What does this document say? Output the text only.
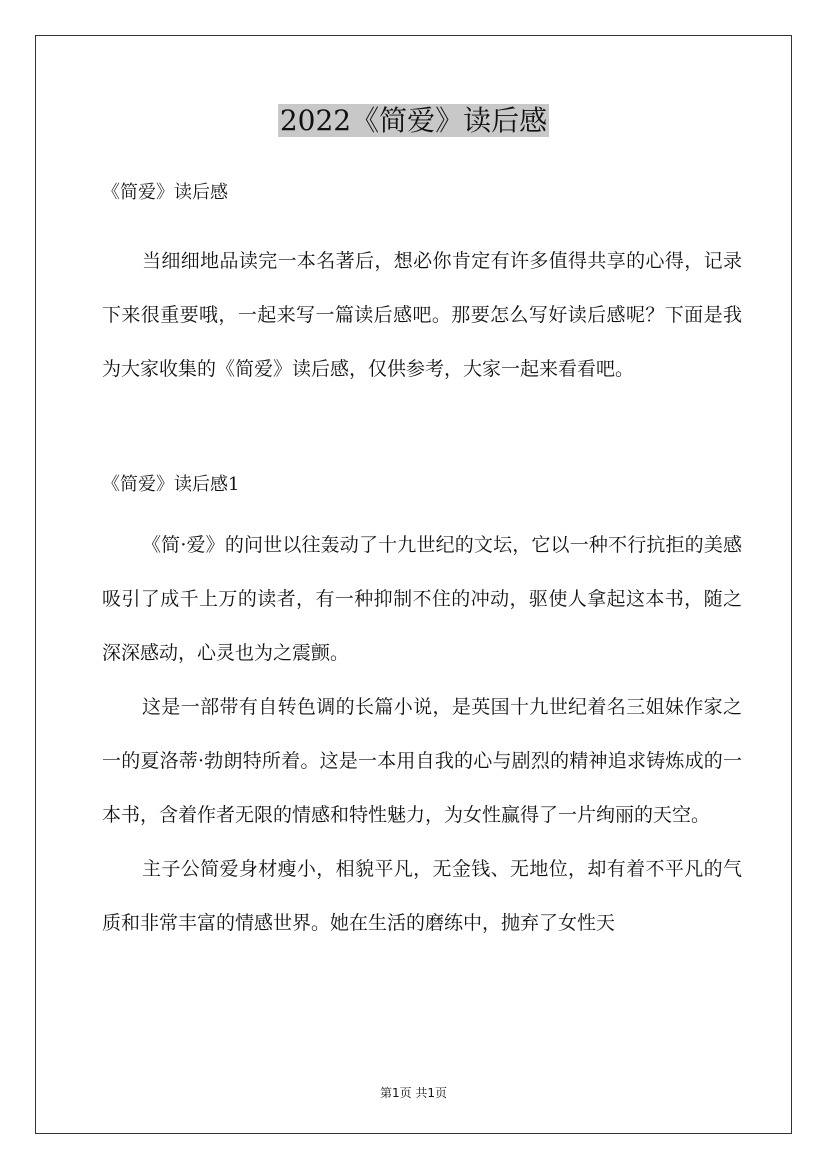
2022《简爱》读后感

《简爱》读后感

当细细地品读完一本名著后，想必你肯定有许多值得共享的心得，记录下来很重要哦，一起来写一篇读后感吧。那要怎么写好读后感呢？下面是我为大家收集的《简爱》读后感，仅供参考，大家一起来看看吧。

《简爱》读后感1

《简·爱》的问世以往轰动了十九世纪的文坛，它以一种不行抗拒的美感吸引了成千上万的读者，有一种抑制不住的冲动，驱使人拿起这本书，随之深深感动，心灵也为之震颤。

这是一部带有自转色调的长篇小说，是英国十九世纪着名三姐妹作家之一的夏洛蒂·勃朗特所着。这是一本用自我的心与剧烈的精神追求铸炼成的一本书，含着作者无限的情感和特性魅力，为女性赢得了一片绚丽的天空。

主子公简爱身材瘦小，相貌平凡，无金钱、无地位，却有着不平凡的气质和非常丰富的情感世界。她在生活的磨练中，抛弃了女性天

第1页 共1页
